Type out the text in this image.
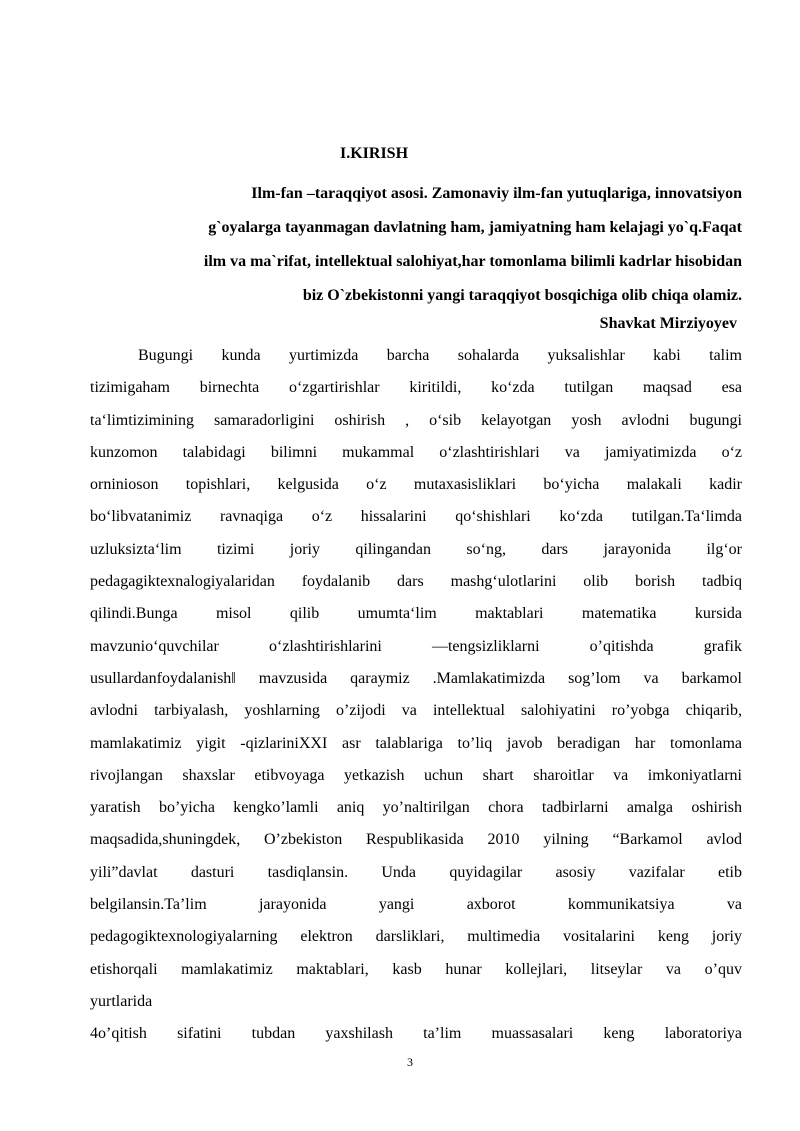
I.KIRISH

Ilm-fan –taraqqiyot asosi. Zamonaviy ilm-fan yutuqlariga, innovatsiyon
g`oyalarga tayanmagan davlatning ham, jamiyatning ham kelajagi yo`q.Faqat
ilm va ma`rifat, intellektual salohiyat,har tomonlama bilimli kadrlar hisobidan
biz O`zbekistonni yangi taraqqiyot bosqichiga olib chiqa olamiz.

Shavkat Mirziyoyev

Bugungi kunda yurtimizda barcha sohalarda yuksalishlar kabi talim
tizimigaham birnechta o‘zgartirishlar kiritildi, ko‘zda tutilgan maqsad esa
ta‘limtizimining samaradorligini oshirish , o‘sib kelayotgan yosh avlodni bugungi
kunzomon talabidagi bilimni mukammal o‘zlashtirishlari va jamiyatimizda o‘z
orninioson topishlari, kelgusida o‘z mutaxasisliklari bo‘yicha malakali kadir
bo‘libvatanimiz ravnaqiga o‘z hissalarini qo‘shishlari ko‘zda tutilgan.Ta‘limda
uzluksizta‘lim tizimi joriy qilingandan so‘ng, dars jarayonida ilg‘or
pedagagiktexnalogiyalaridan foydalanib dars mashg‘ulotlarini olib borish tadbiq
qilindi.Bunga misol qilib umumta‘lim maktablari matematika kursida
mavzunio‘quvchilar o‘zlashtirishlarini ―tengsizliklarni o’qitishda grafik
usullardanfoydalanish‖ mavzusida qaraymiz .Mamlakatimizda sog’lom va barkamol
avlodni tarbiyalash, yoshlarning o’zijodi va intellektual salohiyatini ro’yobga chiqarib,
mamlakatimiz yigit -qizlariniXXI asr talablariga to’liq javob beradigan har tomonlama
rivojlangan shaxslar etibvoyaga yetkazish uchun shart sharoitlar va imkoniyatlarni
yaratish bo’yicha kengko’lamli aniq yo’naltirilgan chora tadbirlarni amalga oshirish
maqsadida,shuningdek, O’zbekiston Respublikasida 2010 yilning “Barkamol avlod
yili”davlat dasturi tasdiqlansin. Unda quyidagilar asosiy vazifalar etib
belgilansin.Ta’lim jarayonida yangi axborot kommunikatsiya va
pedagogiktexnologiyalarning elektron darsliklari, multimedia vositalarini keng joriy
etishorqali mamlakatimiz maktablari, kasb hunar kollejlari, litseylar va o’quv
yurtlarida
4o’qitish sifatini tubdan yaxshilash ta’lim muassasalari keng laboratoriya

3
